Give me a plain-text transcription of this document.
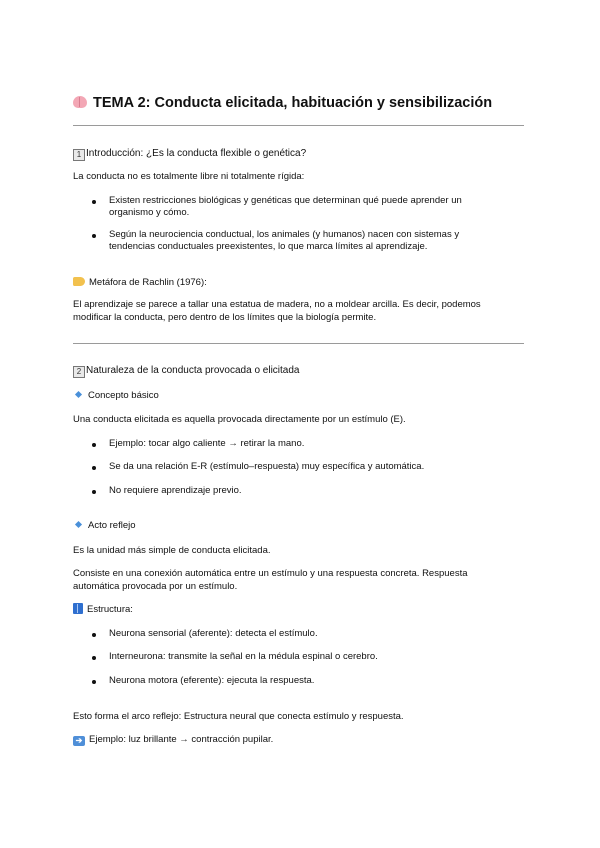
TEMA 2: Conducta elicitada, habituación y sensibilización
1 Introducción: ¿Es la conducta flexible o genética?
La conducta no es totalmente libre ni totalmente rígida:
Existen restricciones biológicas y genéticas que determinan qué puede aprender un
organismo y cómo.
Según la neurociencia conductual, los animales (y humanos) nacen con sistemas y
tendencias conductuales preexistentes, lo que marca límites al aprendizaje.
Metáfora de Rachlin (1976):
El aprendizaje se parece a tallar una estatua de madera, no a moldear arcilla. Es decir, podemos
modificar la conducta, pero dentro de los límites que la biología permite.
2 Naturaleza de la conducta provocada o elicitada
Concepto básico
Una conducta elicitada es aquella provocada directamente por un estímulo (E).
Ejemplo: tocar algo caliente → retirar la mano.
Se da una relación E-R (estímulo–respuesta) muy específica y automática.
No requiere aprendizaje previo.
Acto reflejo
Es la unidad más simple de conducta elicitada.
Consiste en una conexión automática entre un estímulo y una respuesta concreta. Respuesta
automática provocada por un estímulo.
Estructura:
Neurona sensorial (aferente): detecta el estímulo.
Interneurona: transmite la señal en la médula espinal o cerebro.
Neurona motora (eferente): ejecuta la respuesta.
Esto forma el arco reflejo: Estructura neural que conecta estímulo y respuesta.
➔ Ejemplo: luz brillante → contracción pupilar.
